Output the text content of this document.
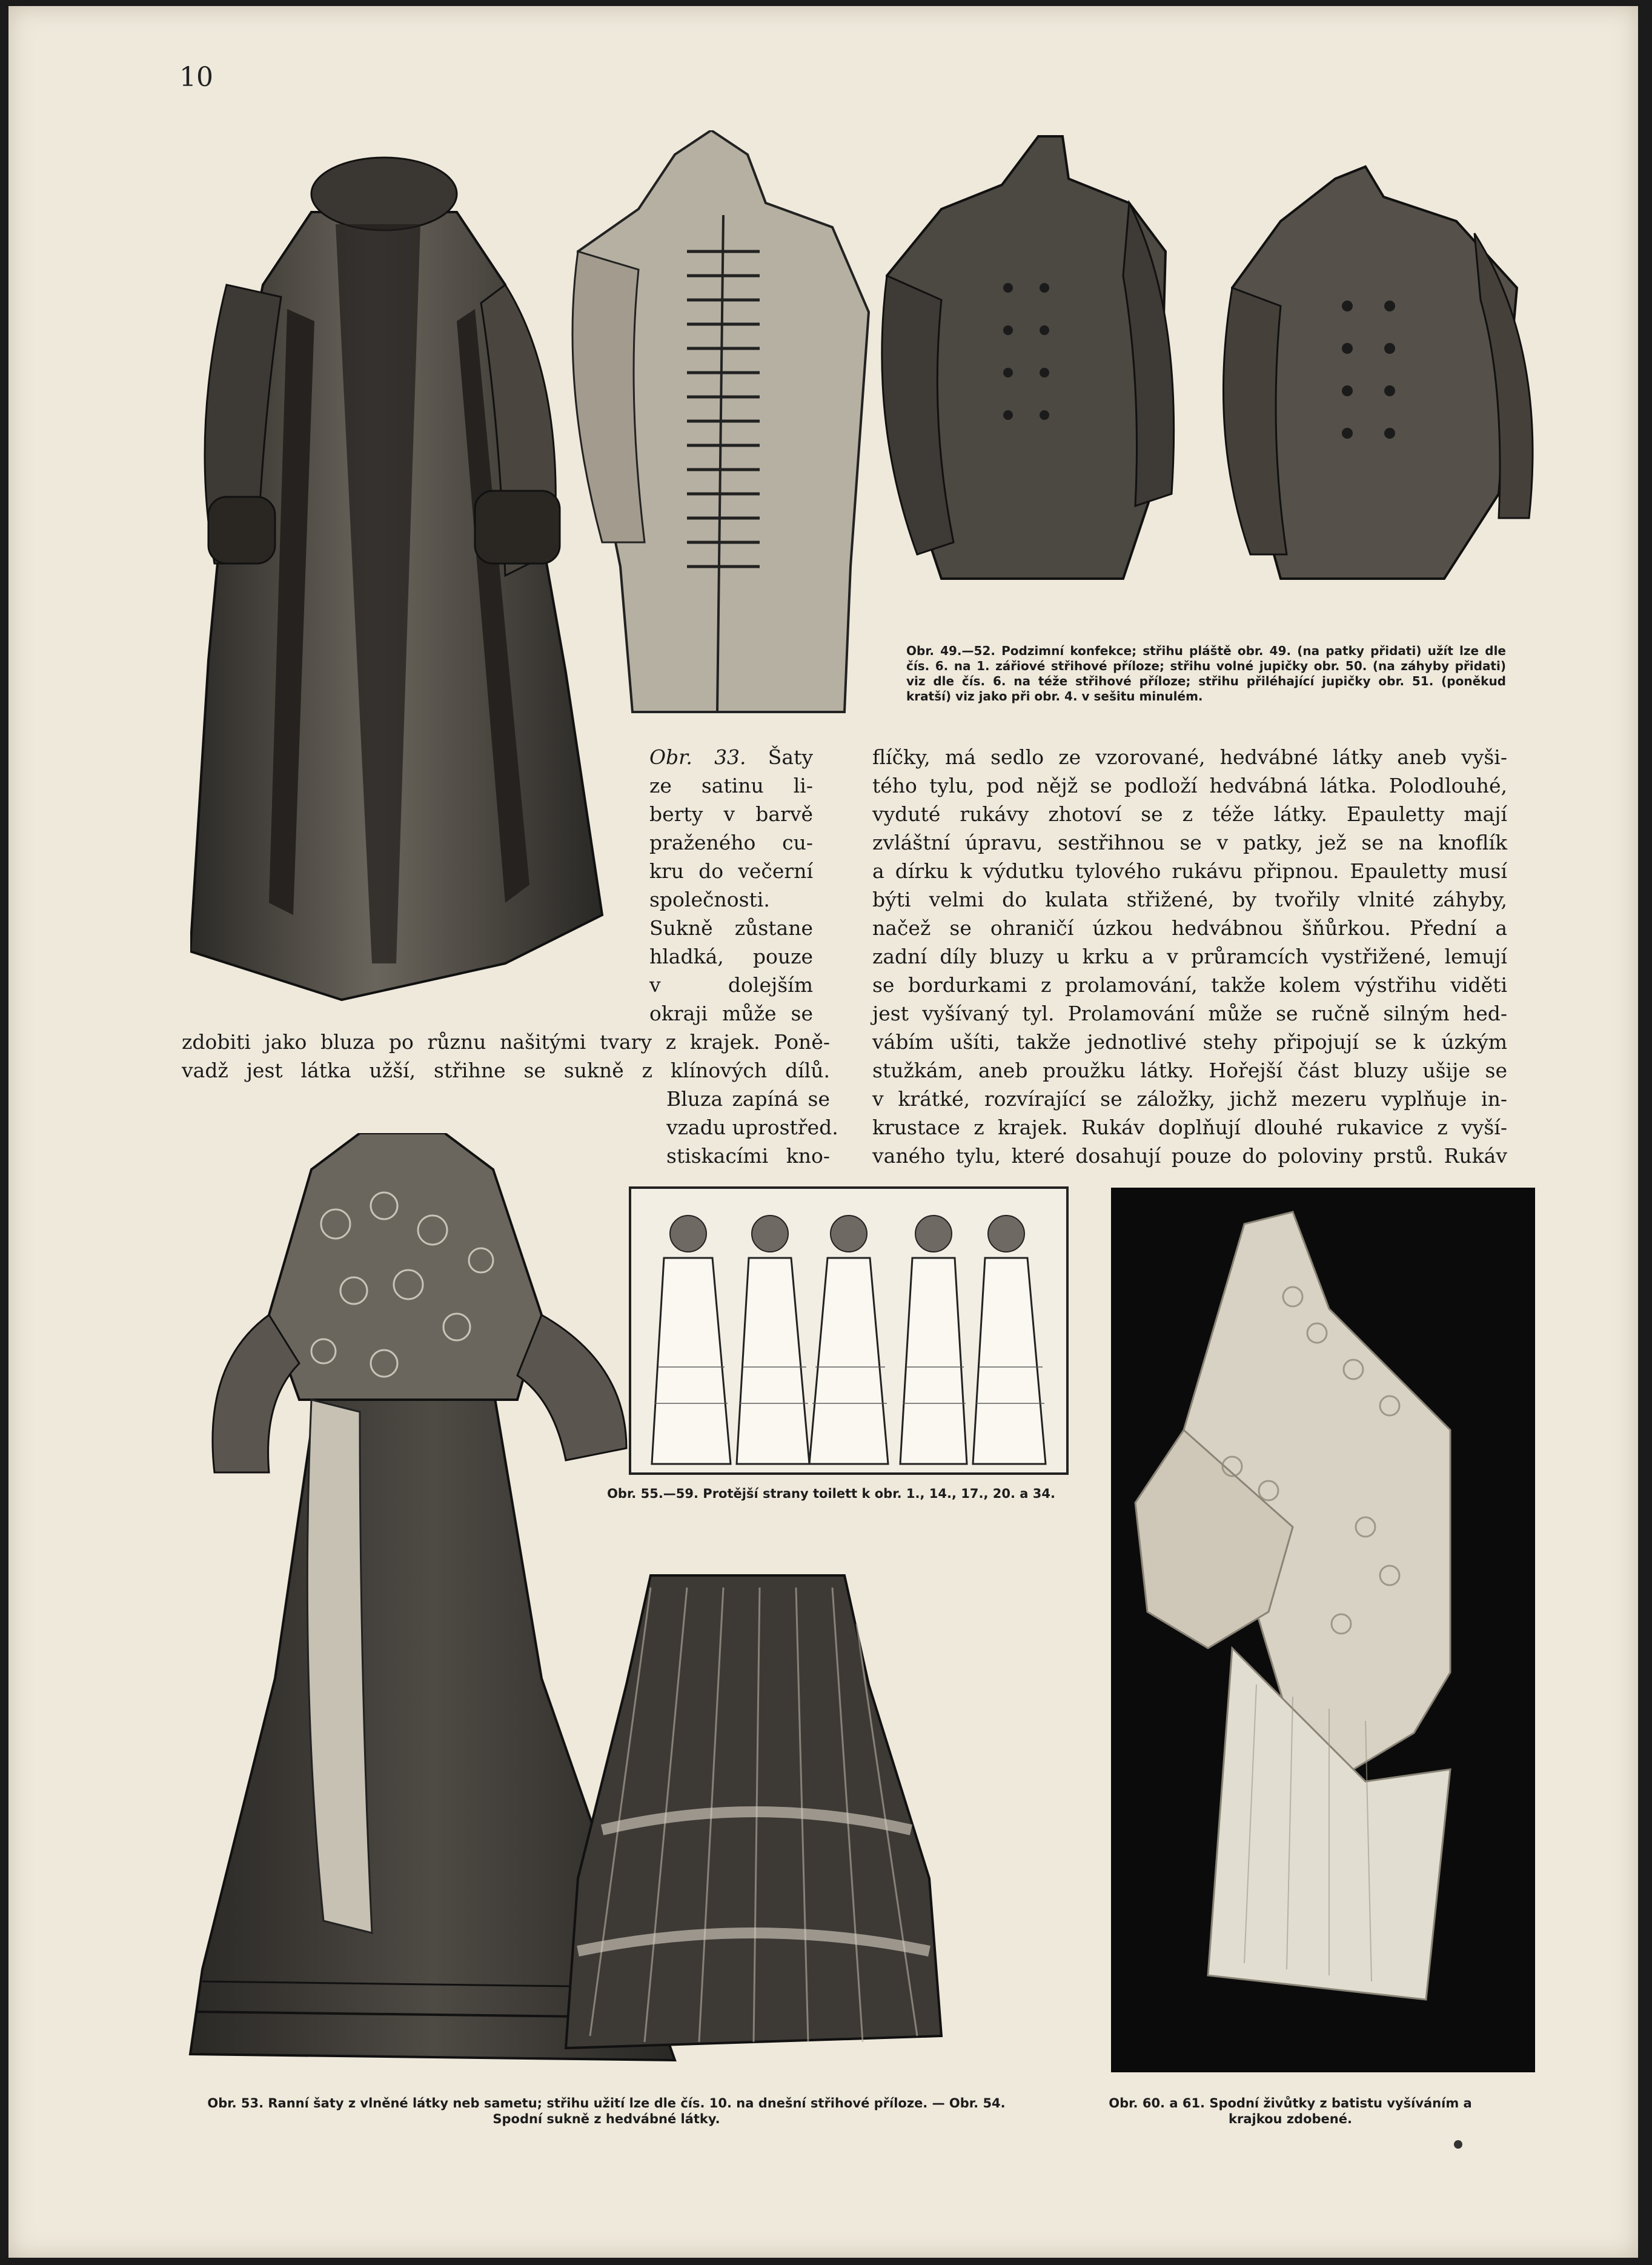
10
Obr. 49.—52. Podzimní konfekce; střihu pláště obr. 49. (na patky přidati) užít lze dle čís. 6. na 1. zářiové střihové příloze; střihu volné jupičky obr. 50. (na záhyby přidati) viz dle čís. 6. na téže střihové příloze; střihu přiléhající jupičky obr. 51. (poněkud kratší) viz jako při obr. 4. v sešitu minulém.
Obr. 33. Šaty
ze satinu li-
berty v barvě
praženého cu-
kru do večerní
společnosti.
Sukně zůstane
hladká, pouze
v dolejším
okraji může se
zdobiti jako bluza po různu našitými tvary z krajek. Poně-
vadž jest látka užší, střihne se sukně z klínových dílů.
Bluza zapíná se
vzadu uprostřed.
stiskacími kno-
flíčky, má sedlo ze vzorované, hedvábné látky aneb vyši-
tého tylu, pod nějž se podloží hedvábná látka. Polodlouhé,
vyduté rukávy zhotoví se z téže látky. Epauletty mají
zvláštní úpravu, sestřihnou se v patky, jež se na knoflík
a dírku k výdutku tylového rukávu připnou. Epauletty musí
býti velmi do kulata střižené, by tvořily vlnité záhyby,
načež se ohraničí úzkou hedvábnou šňůrkou. Přední a
zadní díly bluzy u krku a v průramcích vystřižené, lemují
se bordurkami z prolamování, takže kolem výstřihu viděti
jest vyšívaný tyl. Prolamování může se ručně silným hed-
vábím ušíti, takže jednotlivé stehy připojují se k úzkým
stužkám, aneb proužku látky. Hořejší část bluzy ušije se
v krátké, rozvírající se záložky, jichž mezeru vyplňuje in-
krustace z krajek. Rukáv doplňují dlouhé rukavice z vyší-
vaného tylu, které dosahují pouze do poloviny prstů. Rukáv
Obr. 55.—59. Protější strany toilett k obr. 1., 14., 17., 20. a 34.
Obr. 53. Ranní šaty z vlněné látky neb sametu; střihu užití lze dle čís. 10. na dnešní střihové příloze. — Obr. 54. Spodní sukně z hedvábné látky.
Obr. 60. a 61. Spodní živůtky z batistu vyšíváním a krajkou zdobené.
